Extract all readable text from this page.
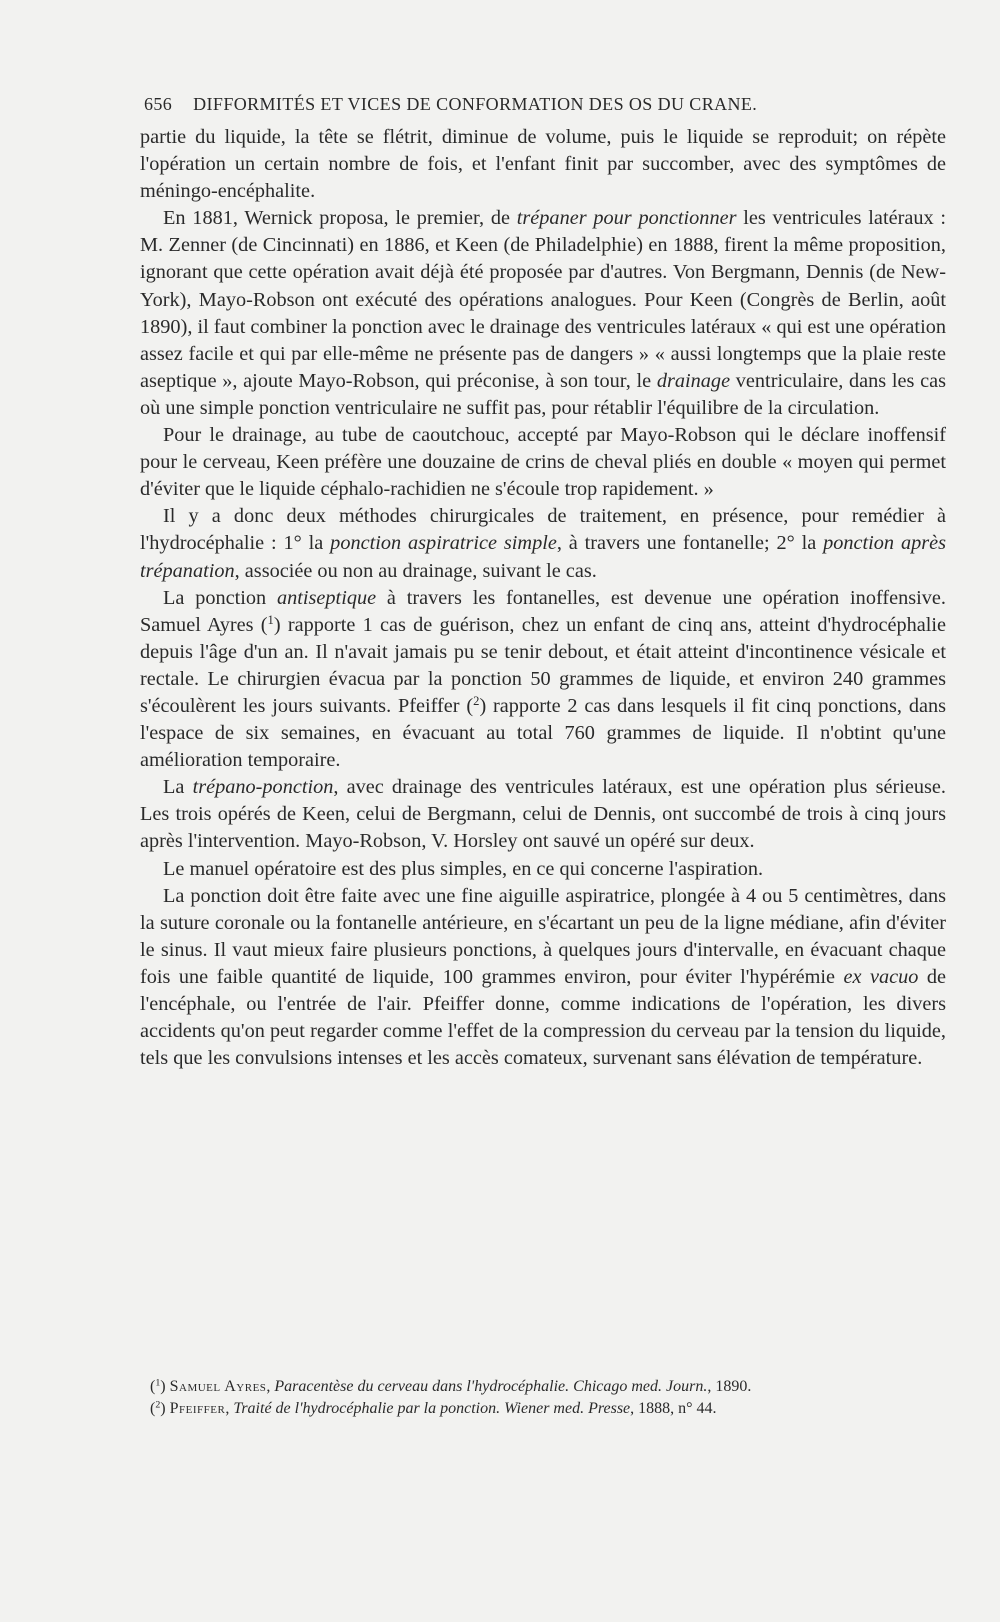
656 DIFFORMITÉS ET VICES DE CONFORMATION DES OS DU CRANE.

partie du liquide, la tête se flétrit, diminue de volume, puis le liquide se reproduit; on répète l'opération un certain nombre de fois, et l'enfant finit par succomber, avec des symptômes de méningo-encéphalite.

En 1881, Wernick proposa, le premier, de trépaner pour ponctionner les ventricules latéraux : M. Zenner (de Cincinnati) en 1886, et Keen (de Philadelphie) en 1888, firent la même proposition, ignorant que cette opération avait déjà été proposée par d'autres. Von Bergmann, Dennis (de New-York), Mayo-Robson ont exécuté des opérations analogues. Pour Keen (Congrès de Berlin, août 1890), il faut combiner la ponction avec le drainage des ventricules latéraux « qui est une opération assez facile et qui par elle-même ne présente pas de dangers » « aussi longtemps que la plaie reste aseptique », ajoute Mayo-Robson, qui préconise, à son tour, le drainage ventriculaire, dans les cas où une simple ponction ventriculaire ne suffit pas, pour rétablir l'équilibre de la circulation.

Pour le drainage, au tube de caoutchouc, accepté par Mayo-Robson qui le déclare inoffensif pour le cerveau, Keen préfère une douzaine de crins de cheval pliés en double « moyen qui permet d'éviter que le liquide céphalo-rachidien ne s'écoule trop rapidement. »

Il y a donc deux méthodes chirurgicales de traitement, en présence, pour remédier à l'hydrocéphalie : 1° la ponction aspiratrice simple, à travers une fontanelle; 2° la ponction après trépanation, associée ou non au drainage, suivant le cas.

La ponction antiseptique à travers les fontanelles, est devenue une opération inoffensive. Samuel Ayres ($^1$) rapporte 1 cas de guérison, chez un enfant de cinq ans, atteint d'hydrocéphalie depuis l'âge d'un an. Il n'avait jamais pu se tenir debout, et était atteint d'incontinence vésicale et rectale. Le chirurgien évacua par la ponction 50 grammes de liquide, et environ 240 grammes s'écoulèrent les jours suivants. Pfeiffer ($^2$) rapporte 2 cas dans lesquels il fit cinq ponctions, dans l'espace de six semaines, en évacuant au total 760 grammes de liquide. Il n'obtint qu'une amélioration temporaire.

La trépano-ponction, avec drainage des ventricules latéraux, est une opération plus sérieuse. Les trois opérés de Keen, celui de Bergmann, celui de Dennis, ont succombé de trois à cinq jours après l'intervention. Mayo-Robson, V. Horsley ont sauvé un opéré sur deux.

Le manuel opératoire est des plus simples, en ce qui concerne l'aspiration.

La ponction doit être faite avec une fine aiguille aspiratrice, plongée à 4 ou 5 centimètres, dans la suture coronale ou la fontanelle antérieure, en s'écartant un peu de la ligne médiane, afin d'éviter le sinus. Il vaut mieux faire plusieurs ponctions, à quelques jours d'intervalle, en évacuant chaque fois une faible quantité de liquide, 100 grammes environ, pour éviter l'hypérémie ex vacuo de l'encéphale, ou l'entrée de l'air. Pfeiffer donne, comme indications de l'opération, les divers accidents qu'on peut regarder comme l'effet de la compression du cerveau par la tension du liquide, tels que les convulsions intenses et les accès comateux, survenant sans élévation de température.

($^1$) Samuel Ayres, Paracentèse du cerveau dans l'hydrocéphalie. Chicago med. Journ., 1890.

($^2$) Pfeiffer, Traité de l'hydrocéphalie par la ponction. Wiener med. Presse, 1888, n° 44.
